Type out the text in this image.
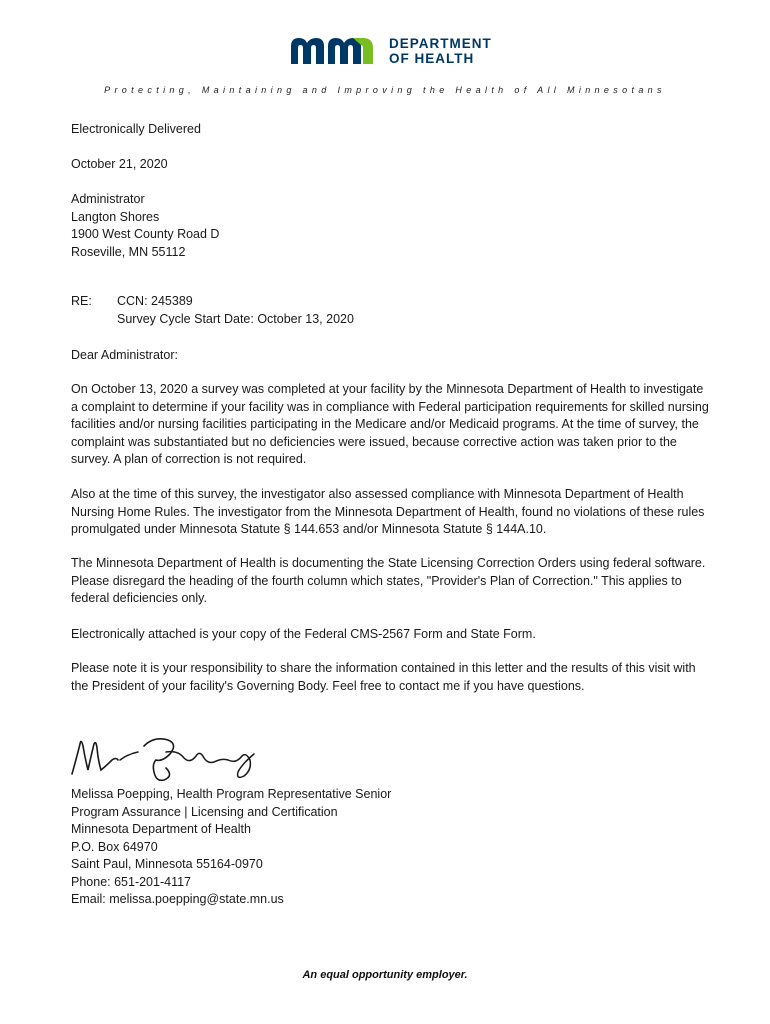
DEPARTMENT
OF HEALTH
Protecting, Maintaining and Improving the Health of All Minnesotans
Electronically Delivered
October 21, 2020
Administrator
Langton Shores
1900 West County Road D
Roseville, MN 55112
RE: CCN: 245389
Survey Cycle Start Date: October 13, 2020
Dear Administrator:

On October 13, 2020 a survey was completed at your facility by the Minnesota Department of Health to investigate a complaint to determine if your facility was in compliance with Federal participation requirements for skilled nursing facilities and/or nursing facilities participating in the Medicare and/or Medicaid programs. At the time of survey, the complaint was substantiated but no deficiencies were issued, because corrective action was taken prior to the survey. A plan of correction is not required.

Also at the time of this survey, the investigator also assessed compliance with Minnesota Department of Health Nursing Home Rules. The investigator from the Minnesota Department of Health, found no violations of these rules promulgated under Minnesota Statute § 144.653 and/or Minnesota Statute § 144A.10.

The Minnesota Department of Health is documenting the State Licensing Correction Orders using federal software. Please disregard the heading of the fourth column which states, "Provider's Plan of Correction." This applies to federal deficiencies only.

Electronically attached is your copy of the Federal CMS-2567 Form and State Form.

Please note it is your responsibility to share the information contained in this letter and the results of this visit with the President of your facility's Governing Body. Feel free to contact me if you have questions.

Melissa Poepping, Health Program Representative Senior
Program Assurance | Licensing and Certification
Minnesota Department of Health
P.O. Box 64970
Saint Paul, Minnesota 55164-0970
Phone: 651-201-4117
Email: melissa.poepping@state.mn.us
An equal opportunity employer.
